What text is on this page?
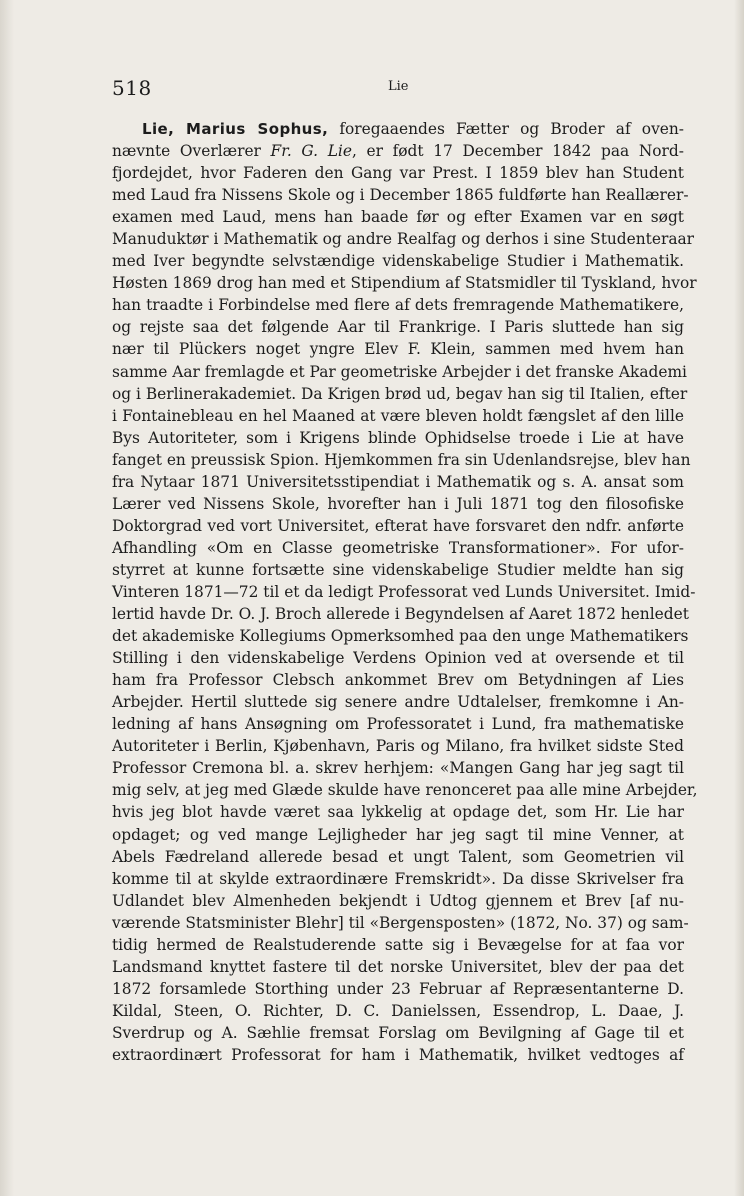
518	Lie
Lie, Marius Sophus, foregaaendes Fætter og Broder af oven-
nævnte Overlærer Fr. G. Lie, er født 17 December 1842 paa Nord-
fjordejdet, hvor Faderen den Gang var Prest. I 1859 blev han Student
med Laud fra Nissens Skole og i December 1865 fuldførte han Reallærer-
examen med Laud, mens han baade før og efter Examen var en søgt
Manuduktør i Mathematik og andre Realfag og derhos i sine Studenteraar
med Iver begyndte selvstændige videnskabelige Studier i Mathematik.
Høsten 1869 drog han med et Stipendium af Statsmidler til Tyskland, hvor
han traadte i Forbindelse med flere af dets fremragende Mathematikere,
og rejste saa det følgende Aar til Frankrige. I Paris sluttede han sig
nær til Plückers noget yngre Elev F. Klein, sammen med hvem han
samme Aar fremlagde et Par geometriske Arbejder i det franske Akademi
og i Berlinerakademiet. Da Krigen brød ud, begav han sig til Italien, efter
i Fontainebleau en hel Maaned at være bleven holdt fængslet af den lille
Bys Autoriteter, som i Krigens blinde Ophidselse troede i Lie at have
fanget en preussisk Spion. Hjemkommen fra sin Udenlandsrejse, blev han
fra Nytaar 1871 Universitetsstipendiat i Mathematik og s. A. ansat som
Lærer ved Nissens Skole, hvorefter han i Juli 1871 tog den filosofiske
Doktorgrad ved vort Universitet, efterat have forsvaret den ndfr. anførte
Afhandling «Om en Classe geometriske Transformationer». For ufor-
styrret at kunne fortsætte sine videnskabelige Studier meldte han sig
Vinteren 1871—72 til et da ledigt Professorat ved Lunds Universitet. Imid-
lertid havde Dr. O. J. Broch allerede i Begyndelsen af Aaret 1872 henledet
det akademiske Kollegiums Opmerksomhed paa den unge Mathematikers
Stilling i den videnskabelige Verdens Opinion ved at oversende et til
ham fra Professor Clebsch ankommet Brev om Betydningen af Lies
Arbejder. Hertil sluttede sig senere andre Udtalelser, fremkomne i An-
ledning af hans Ansøgning om Professoratet i Lund, fra mathematiske
Autoriteter i Berlin, Kjøbenhavn, Paris og Milano, fra hvilket sidste Sted
Professor Cremona bl. a. skrev herhjem: «Mangen Gang har jeg sagt til
mig selv, at jeg med Glæde skulde have renonceret paa alle mine Arbejder,
hvis jeg blot havde været saa lykkelig at opdage det, som Hr. Lie har
opdaget; og ved mange Lejligheder har jeg sagt til mine Venner, at
Abels Fædreland allerede besad et ungt Talent, som Geometrien vil
komme til at skylde extraordinære Fremskridt». Da disse Skrivelser fra
Udlandet blev Almenheden bekjendt i Udtog gjennem et Brev [af nu-
værende Statsminister Blehr] til «Bergensposten» (1872, No. 37) og sam-
tidig hermed de Realstuderende satte sig i Bevægelse for at faa vor
Landsmand knyttet fastere til det norske Universitet, blev der paa det
1872 forsamlede Storthing under 23 Februar af Repræsentanterne D.
Kildal, Steen, O. Richter, D. C. Danielssen, Essendrop, L. Daae, J.
Sverdrup og A. Sæhlie fremsat Forslag om Bevilgning af Gage til et
extraordinært Professorat for ham i Mathematik, hvilket vedtoges af
